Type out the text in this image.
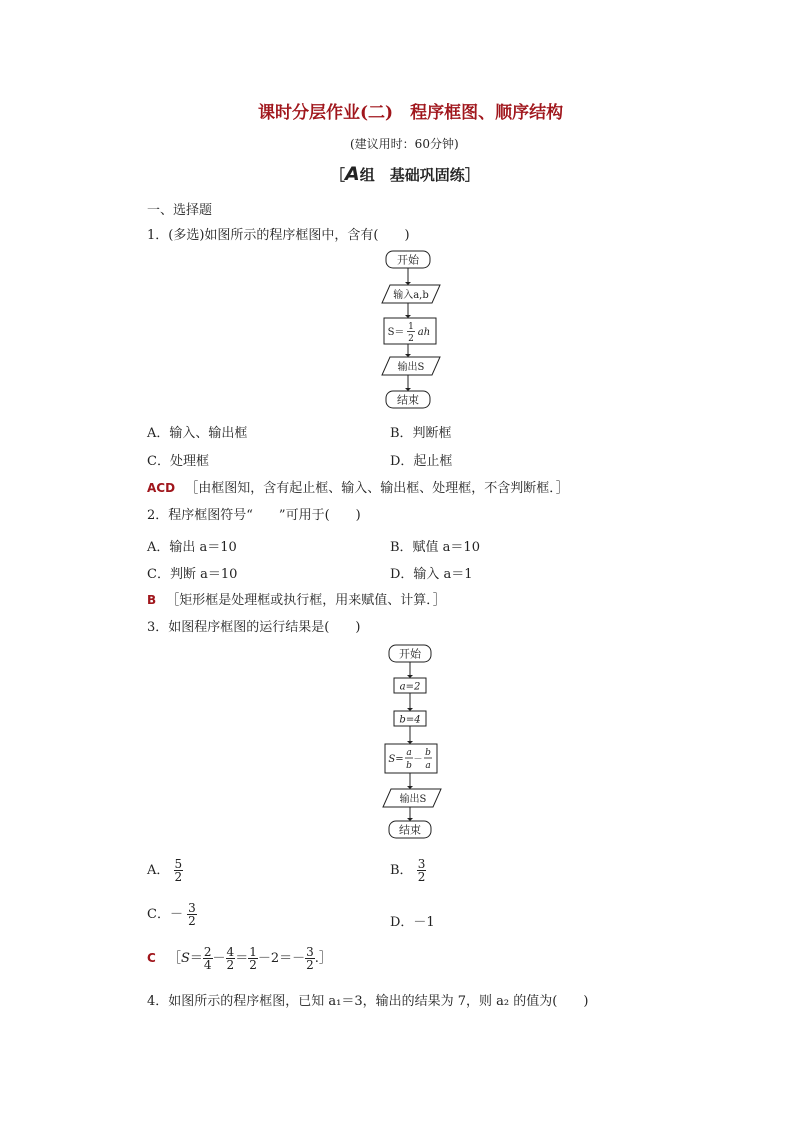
课时分层作业(二)　程序框图、顺序结构
(建议用时：60分钟)
［A组　基础巩固练］
一、选择题
1．(多选)如图所示的程序框图中，含有(　　)
开始
输入a,b
S＝ 1
2
ah
输出S
结束
A．输入、输出框	B．判断框
C．处理框	D．起止框
ACD ［由框图知，含有起止框、输入、输出框、处理框，不含判断框．］
2．程序框图符号“　　”可用于(　　)
A．输出 a＝10	B．赋值 a＝10
C．判断 a＝10	D．输入 a＝1
B ［矩形框是处理框或执行框，用来赋值、计算．］
3．如图程序框图的运行结果是(　　)
开始
a=2
b=4
S=
a
b
－
b
a
输出S
结束
A． $\frac{5}{2}$	B． $\frac{3}{2}$
C．－ $\frac{3}{2}$	D．－1
C ［S＝ $\frac{2}{4} - \frac{4}{2} = \frac{1}{2} -2=- \frac{3}{2}$ .］
4．如图所示的程序框图，已知 a₁＝3，输出的结果为 7，则 a₂ 的值为(　　)
